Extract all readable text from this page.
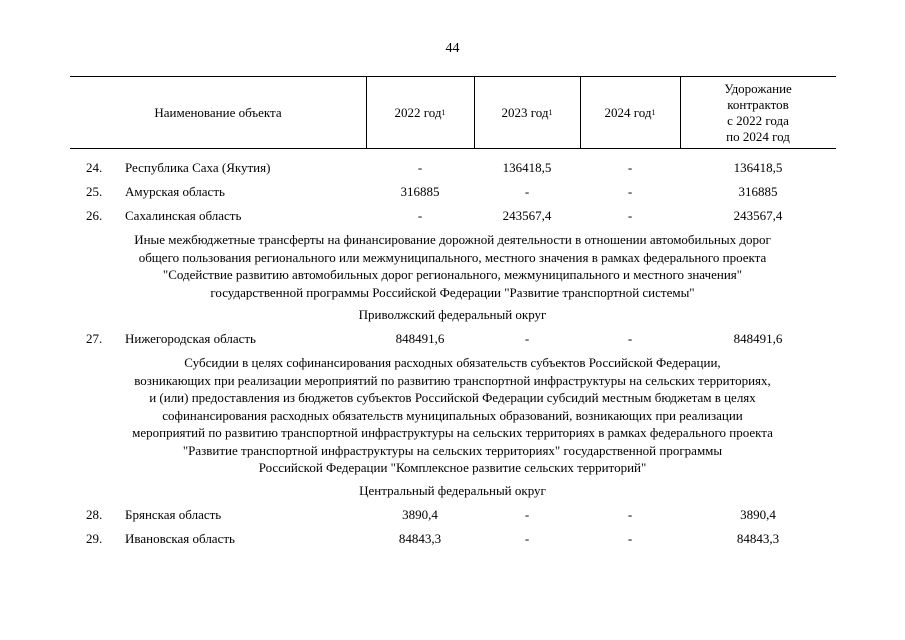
44
Наименование объекта	2022 год 1	2023 год 1	2024 год 1
Удорожание
контрактов
с 2022 года
по 2024 год
24. Республика Саха (Якутия)	-	136418,5	-	136418,5
25. Амурская область	316885	-	-	316885
26. Сахалинская область	-	243567,4	-	243567,4
Иные межбюджетные трансферты на финансирование дорожной деятельности в отношении автомобильных дорог
общего пользования регионального или межмуниципального, местного значения в рамках федерального проекта
"Содействие развитию автомобильных дорог регионального, межмуниципального и местного значения"
государственной программы Российской Федерации "Развитие транспортной системы"
Приволжский федеральный округ
27. Нижегородская область	848491,6	-	-	848491,6
Субсидии в целях софинансирования расходных обязательств субъектов Российской Федерации,
возникающих при реализации мероприятий по развитию транспортной инфраструктуры на сельских территориях,
и (или) предоставления из бюджетов субъектов Российской Федерации субсидий местным бюджетам в целях
софинансирования расходных обязательств муниципальных образований, возникающих при реализации
мероприятий по развитию транспортной инфраструктуры на сельских территориях в рамках федерального проекта
"Развитие транспортной инфраструктуры на сельских территориях" государственной программы
Российской Федерации "Комплексное развитие сельских территорий"
Центральный федеральный округ
28. Брянская область	3890,4	-	-	3890,4
29. Ивановская область	84843,3	-	-	84843,3
